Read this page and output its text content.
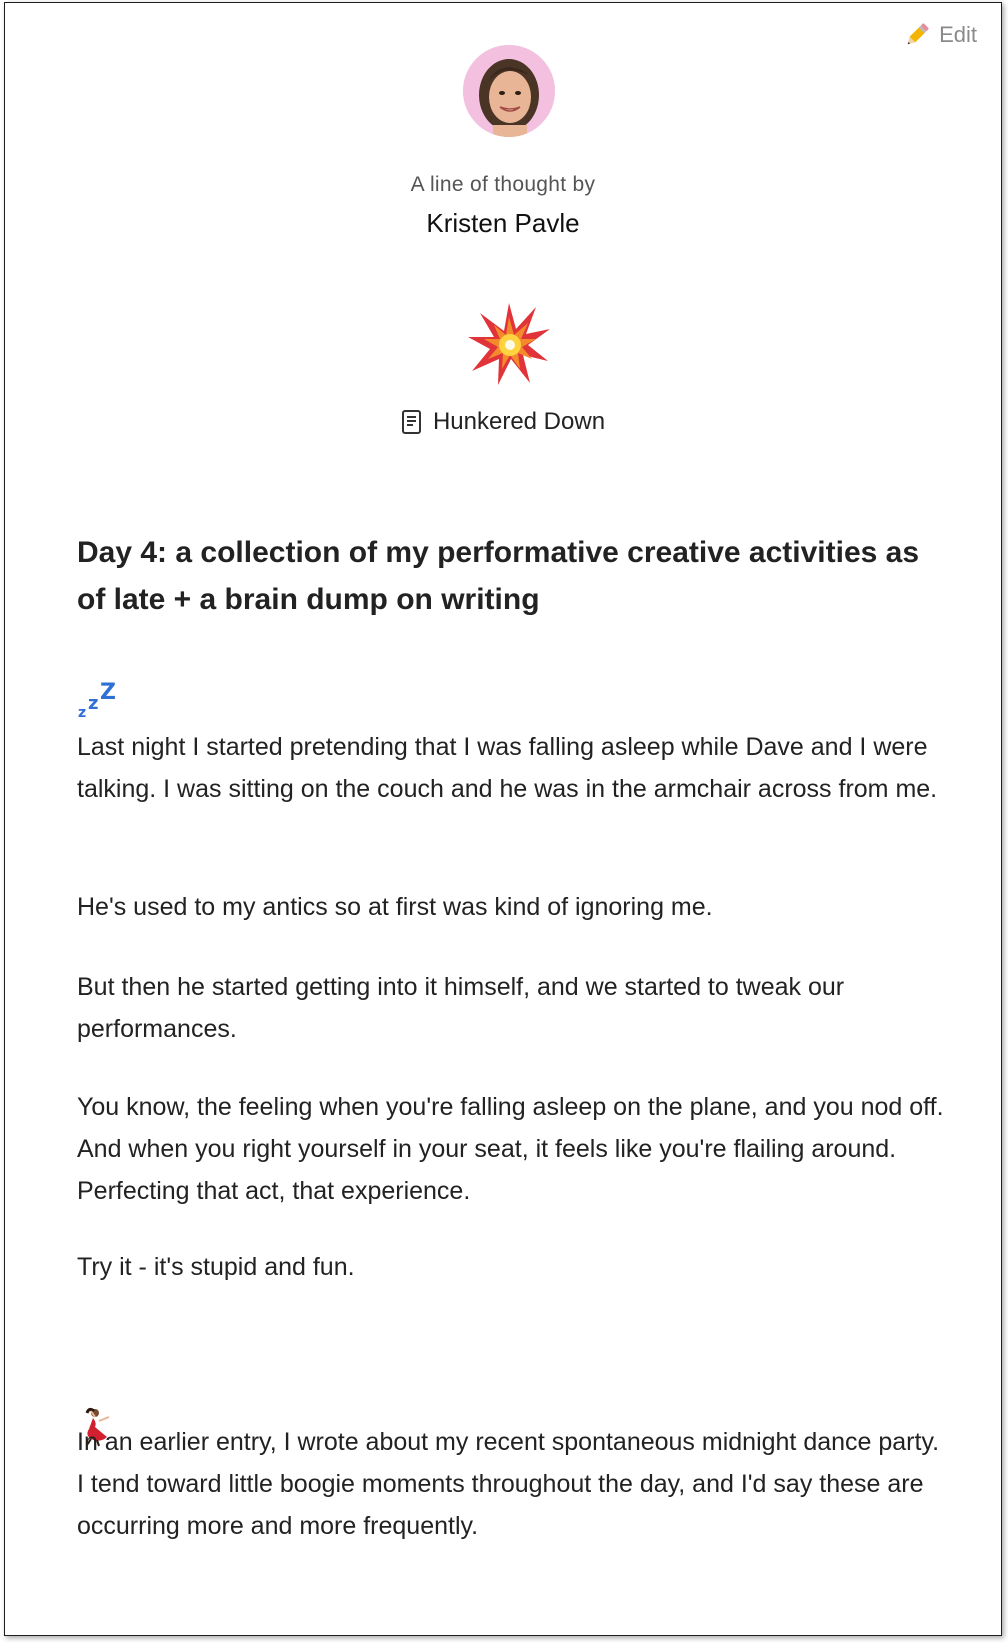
Edit
A line of thought by
Kristen Pavle
Hunkered Down
Day 4: a collection of my performative creative activities as of late + a brain dump on writing
z z Z
Last night I started pretending that I was falling asleep while Dave and I were talking. I was sitting on the couch and he was in the armchair across from me.
He's used to my antics so at first was kind of ignoring me.
But then he started getting into it himself, and we started to tweak our performances.
You know, the feeling when you're falling asleep on the plane, and you nod off. And when you right yourself in your seat, it feels like you're flailing around. Perfecting that act, that experience.
Try it - it's stupid and fun.
In an earlier entry, I wrote about my recent spontaneous midnight dance party. I tend toward little boogie moments throughout the day, and I'd say these are occurring more and more frequently.
